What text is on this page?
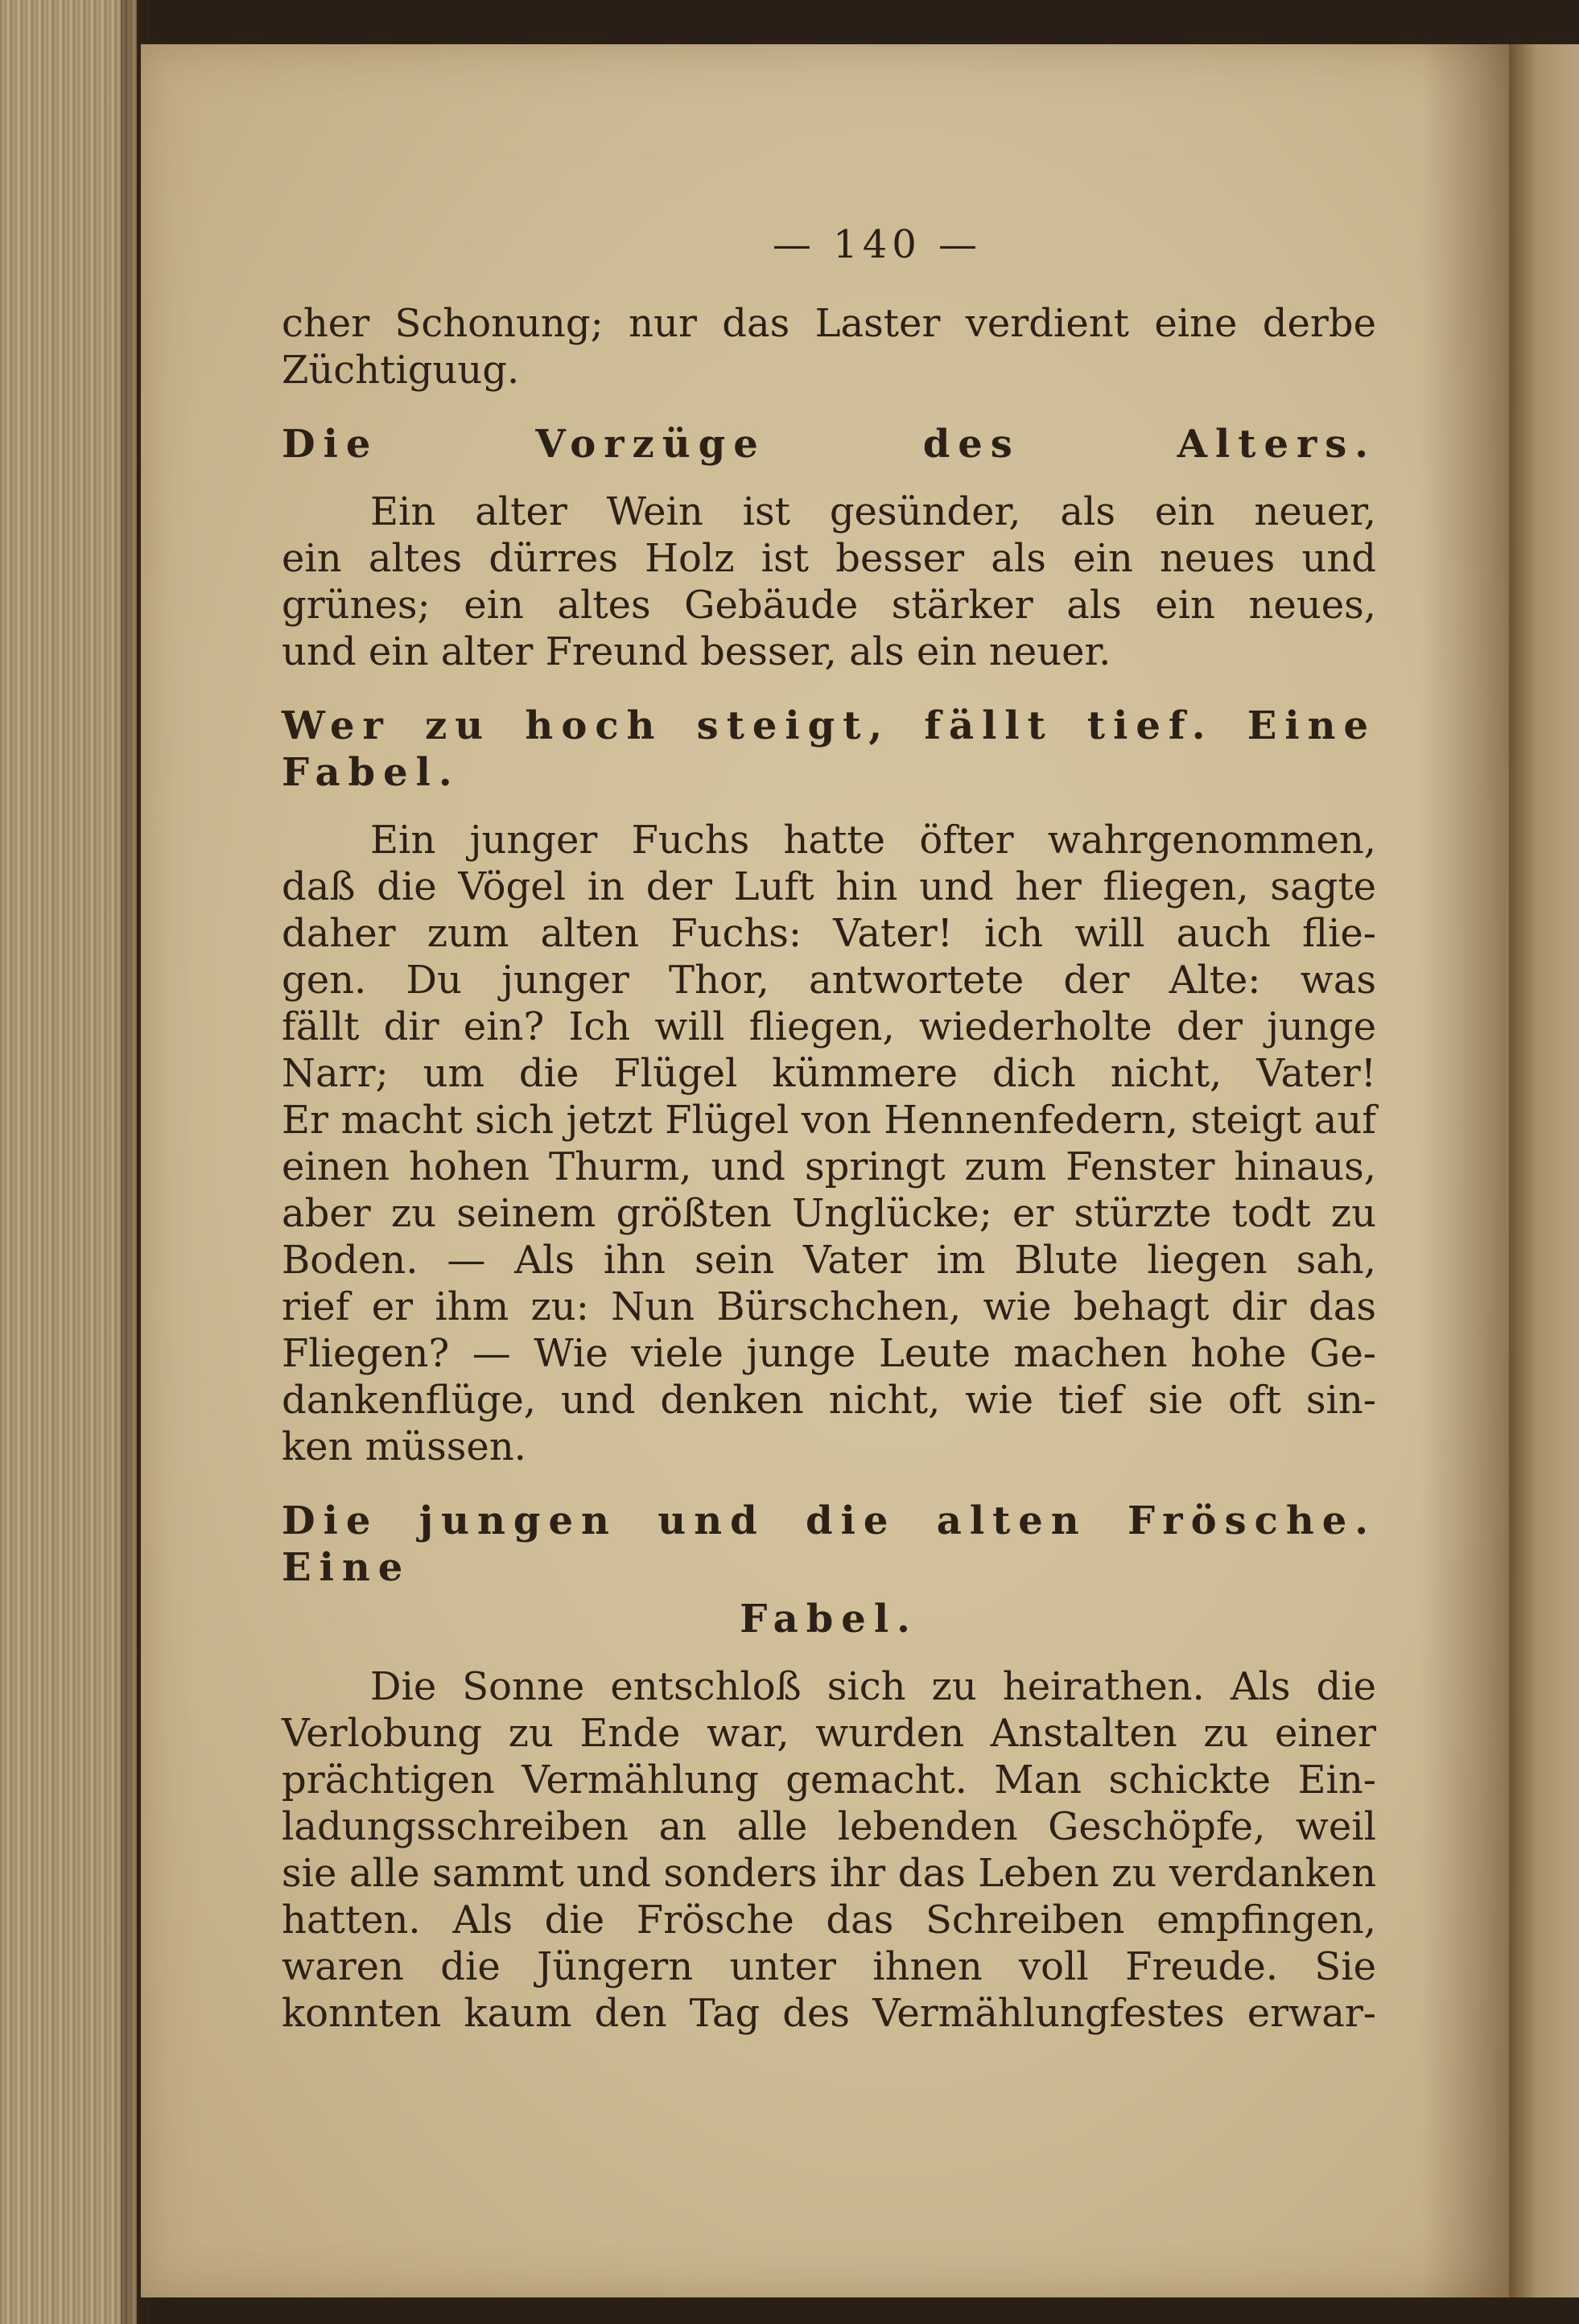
— 140 —
cher Schonung; nur das Laster verdient eine derbe
Züchtiguug.
Die Vorzüge des Alters.
Ein alter Wein ist gesünder, als ein neuer,
ein altes dürres Holz ist besser als ein neues und
grünes; ein altes Gebäude stärker als ein neues,
und ein alter Freund besser, als ein neuer.
Wer zu hoch steigt, fällt tief. Eine Fabel.
Ein junger Fuchs hatte öfter wahrgenommen,
daß die Vögel in der Luft hin und her fliegen, sagte
daher zum alten Fuchs: Vater! ich will auch flie-
gen. Du junger Thor, antwortete der Alte: was
fällt dir ein? Ich will fliegen, wiederholte der junge
Narr; um die Flügel kümmere dich nicht, Vater!
Er macht sich jetzt Flügel von Hennenfedern, steigt auf
einen hohen Thurm, und springt zum Fenster hinaus,
aber zu seinem größten Unglücke; er stürzte todt zu
Boden. — Als ihn sein Vater im Blute liegen sah,
rief er ihm zu: Nun Bürschchen, wie behagt dir das
Fliegen? — Wie viele junge Leute machen hohe Ge-
dankenflüge, und denken nicht, wie tief sie oft sin-
ken müssen.
Die jungen und die alten Frösche. Eine
Fabel.
Die Sonne entschloß sich zu heirathen. Als die
Verlobung zu Ende war, wurden Anstalten zu einer
prächtigen Vermählung gemacht. Man schickte Ein-
ladungsschreiben an alle lebenden Geschöpfe, weil
sie alle sammt und sonders ihr das Leben zu verdanken
hatten. Als die Frösche das Schreiben empfingen,
waren die Jüngern unter ihnen voll Freude. Sie
konnten kaum den Tag des Vermählungfestes erwar-
